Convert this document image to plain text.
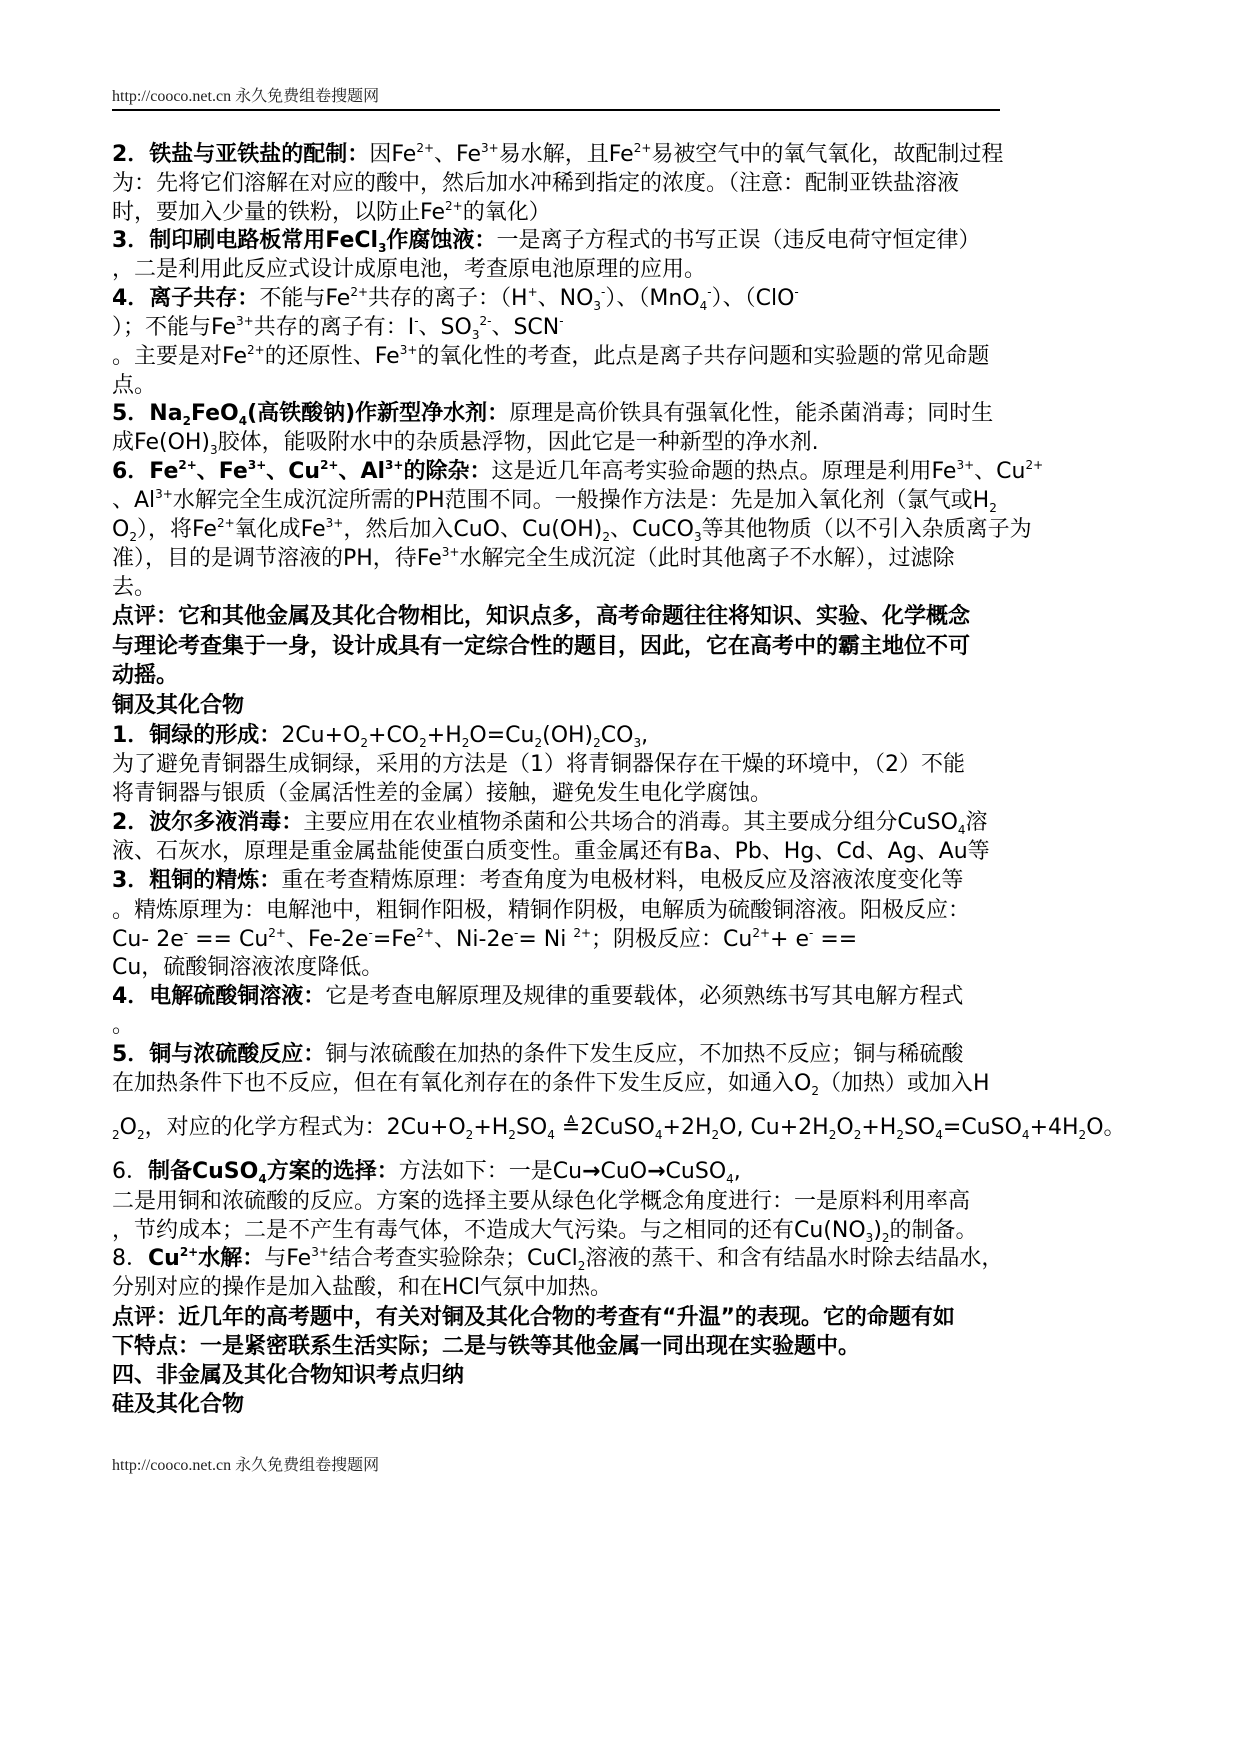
http://cooco.net.cn 永久免费组卷搜题网
2．铁盐与亚铁盐的配制：因$Fe^{2+}$、$Fe^{3+}$易水解，且$Fe^{2+}$易被空气中的氧气氧化，故配制过程
为：先将它们溶解在对应的酸中，然后加水冲稀到指定的浓度。（注意：配制亚铁盐溶液
时，要加入少量的铁粉，以防止$Fe^{2+}$的氧化）
3．制印刷电路板常用FeCl$_3$作腐蚀液：一是离子方程式的书写正误（违反电荷守恒定律）
，二是利用此反应式设计成原电池，考查原电池原理的应用。
4．离子共存：不能与$Fe^{2+}$共存的离子：（H+、$NO_3^-$）、（MnO$_4$-）、（ClO-
）；不能与$Fe^{3+}$共存的离子有：I-、$SO_3^{2-}$、SCN-
。主要是对$Fe^{2+}$的还原性、$Fe^{3+}$的氧化性的考查，此点是离子共存问题和实验题的常见命题
点。
5．$Na_2FeO_4$(高铁酸钠)作新型净水剂：原理是高价铁具有强氧化性，能杀菌消毒；同时生
成$Fe(OH)_3$胶体，能吸附水中的杂质悬浮物，因此它是一种新型的净水剂.
6．$Fe^{2+}$、$Fe^{3+}$、$Cu^{2+}$、$Al^{3+}$的除杂：这是近几年高考实验命题的热点。原理是利用$Fe^{3+}$、$Cu^{2+}$
、$Al^{3+}$水解完全生成沉淀所需的PH范围不同。一般操作方法是：先是加入氧化剂（氯气或$H_2$
$O_2$），将$Fe^{2+}$氧化成$Fe^{3+}$，然后加入CuO、$Cu(OH)_2$、CuCO$_3$等其他物质（以不引入杂质离子为
准），目的是调节溶液的PH，待$Fe^{3+}$水解完全生成沉淀（此时其他离子不水解），过滤除
去。
点评：它和其他金属及其化合物相比，知识点多，高考命题往往将知识、实验、化学概念
与理论考查集于一身，设计成具有一定综合性的题目，因此，它在高考中的霸主地位不可
动摇。
铜及其化合物
1．铜绿的形成：$2Cu+O_2+CO_2+H_2O=Cu_2(OH)_2CO_3$,
为了避免青铜器生成铜绿，采用的方法是（1）将青铜器保存在干燥的环境中，（2）不能
将青铜器与银质（金属活性差的金属）接触，避免发生电化学腐蚀。
2．波尔多液消毒：主要应用在农业植物杀菌和公共场合的消毒。其主要成分组分CuSO$_4$溶
液、石灰水，原理是重金属盐能使蛋白质变性。重金属还有Ba、Pb、Hg、Cd、Ag、Au等
3．粗铜的精炼：重在考查精炼原理：考查角度为电极材料，电极反应及溶液浓度变化等
。精炼原理为：电解池中，粗铜作阳极，精铜作阴极，电解质为硫酸铜溶液。阳极反应：
Cu- $2e^- == Cu^{2+}$、$Fe-2e^-=Fe^{2+}$、Ni-2e-= Ni $^{2+}$；阴极反应：$Cu^{2+}+ e^-$ ==
Cu，硫酸铜溶液浓度降低。
4．电解硫酸铜溶液：它是考查电解原理及规律的重要载体，必须熟练书写其电解方程式
。
5．铜与浓硫酸反应：铜与浓硫酸在加热的条件下发生反应，不加热不反应；铜与稀硫酸
在加热条件下也不反应，但在有氧化剂存在的条件下发生反应，如通入$O_2$（加热）或加入H
$_2O_2$，对应的化学方程式为：$2Cu+O_2+H_2SO_4$ $≜2CuSO_4+2H_2O$, $Cu+2H_2O_2+H_2SO_4=CuSO_4+4H_2O$。
6．制备CuSO$_4$方案的选择：方法如下：一是Cu→CuO→CuSO$_4$,
二是用铜和浓硫酸的反应。方案的选择主要从绿色化学概念角度进行：一是原料利用率高
，节约成本；二是不产生有毒气体，不造成大气污染。与之相同的还有$Cu(NO_3)_2$的制备。
8．$Cu^{2+}$水解：与$Fe^{3+}$结合考查实验除杂；CuCl$_2$溶液的蒸干、和含有结晶水时除去结晶水，
分别对应的操作是加入盐酸，和在HCl气氛中加热。
点评：近几年的高考题中，有关对铜及其化合物的考查有“升温”的表现。它的命题有如
下特点：一是紧密联系生活实际；二是与铁等其他金属一同出现在实验题中。
四、非金属及其化合物知识考点归纳
硅及其化合物
http://cooco.net.cn 永久免费组卷搜题网
